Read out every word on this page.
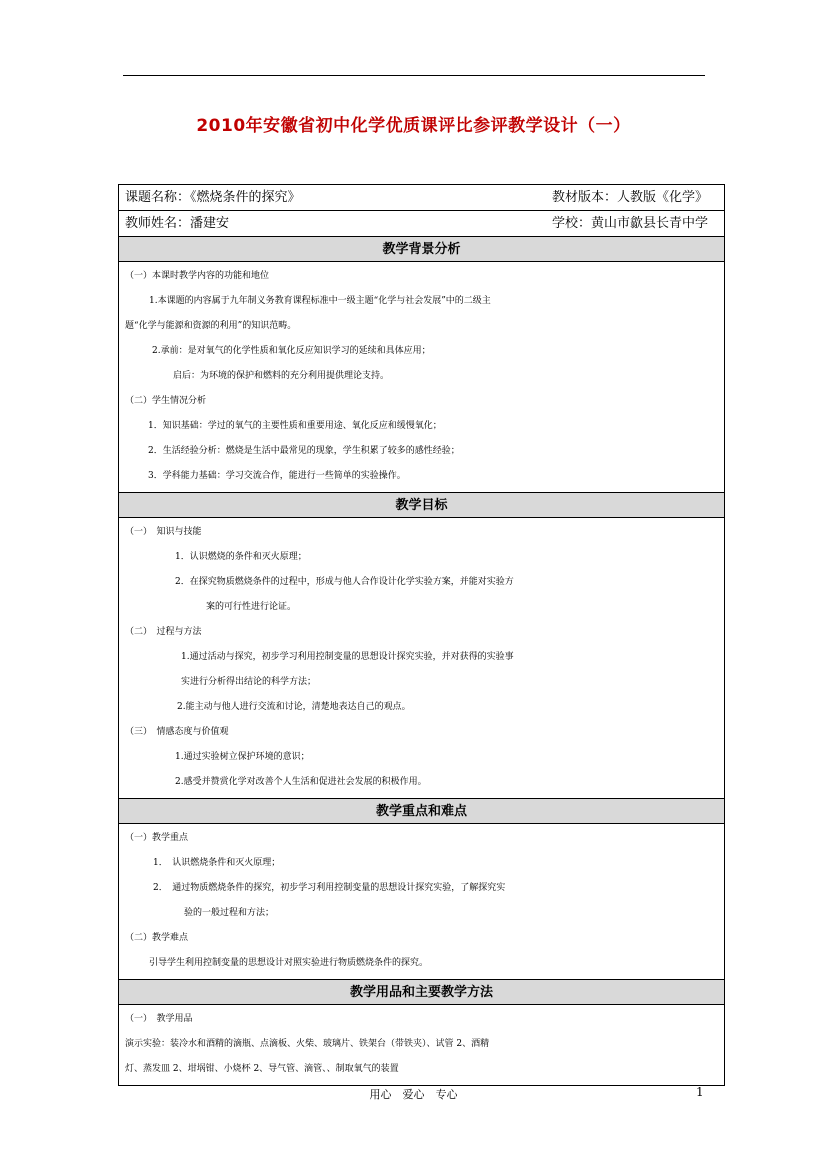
2010年安徽省初中化学优质课评比参评教学设计（一）
课题名称：《燃烧条件的探究》	教材版本：人教版《化学》
教师姓名：潘建安	学校：黄山市歙县长青中学
教学背景分析
（一）本课时教学内容的功能和地位
1.本课题的内容属于九年制义务教育课程标准中一级主题“化学与社会发展”中的二级主
题“化学与能源和资源的利用”的知识范畴。
2.承前：是对氧气的化学性质和氧化反应知识学习的延续和具体应用；
启后：为环境的保护和燃料的充分利用提供理论支持。
（二）学生情况分析
1．知识基础：学过的氧气的主要性质和重要用途、氧化反应和缓慢氧化；
2．生活经验分析：燃烧是生活中最常见的现象，学生积累了较多的感性经验；
3．学科能力基础：学习交流合作，能进行一些简单的实验操作。
教学目标
（一）　知识与技能
1．认识燃烧的条件和灭火原理；
2．在探究物质燃烧条件的过程中，形成与他人合作设计化学实验方案，并能对实验方
案的可行性进行论证。
（二）　过程与方法
1.通过活动与探究，初步学习利用控制变量的思想设计探究实验，并对获得的实验事
实进行分析得出结论的科学方法；
2.能主动与他人进行交流和讨论，清楚地表达自己的观点。
（三）　情感态度与价值观
1.通过实验树立保护环境的意识；
2.感受并赞赏化学对改善个人生活和促进社会发展的积极作用。
教学重点和难点
（一）教学重点
1．　认识燃烧条件和灭火原理；
2．　通过物质燃烧条件的探究，初步学习利用控制变量的思想设计探究实验，了解探究实
验的一般过程和方法；
（二）教学难点
引导学生利用控制变量的思想设计对照实验进行物质燃烧条件的探究。
教学用品和主要教学方法
（一）　教学用品
演示实验：装冷水和酒精的滴瓶、点滴板、火柴、玻璃片、铁架台（带铁夹）、试管 2、酒精
灯、蒸发皿 2、坩埚钳、小烧杯 2、导气管、滴管、、制取氧气的装置
用心　爱心　专心	1
